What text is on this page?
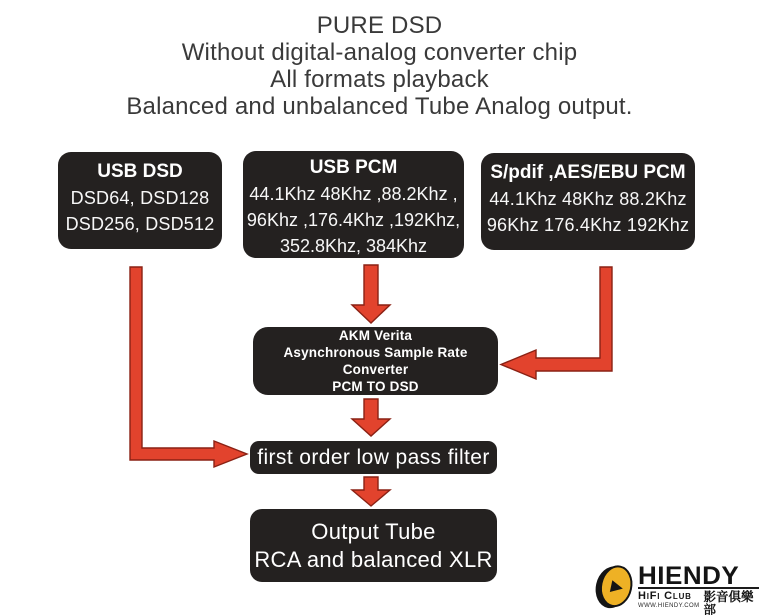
PURE DSD
Without digital-analog converter chip
All formats playback
Balanced and unbalanced Tube Analog output.
USB DSD
DSD64, DSD128
DSD256, DSD512
USB PCM
44.1Khz 48Khz ,88.2Khz ,
96Khz ,176.4Khz ,192Khz,
352.8Khz, 384Khz
S/pdif ,AES/EBU PCM
44.1Khz 48Khz 88.2Khz
96Khz 176.4Khz 192Khz
AKM Verita
Asynchronous Sample Rate Converter
PCM TO DSD
first order low pass filter
Output Tube
RCA and balanced XLR
HIENDY
HiFi Club
WWW.HIENDY.COM
影音俱樂部
